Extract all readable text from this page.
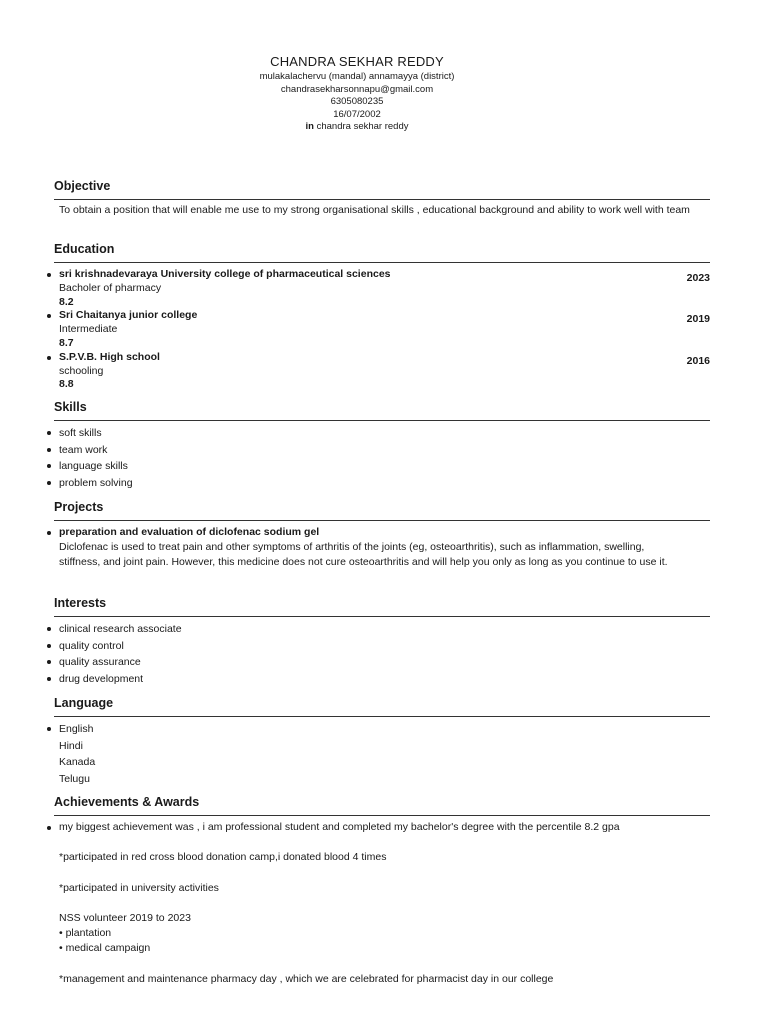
CHANDRA SEKHAR REDDY
mulakalachervu (mandal) annamayya (district)
chandrasekharsonnapu@gmail.com
6305080235
16/07/2002
in chandra sekhar reddy
Objective
To obtain a position that will enable me use to my strong organisational skills , educational background and ability to work well with team
Education
sri krishnadevaraya University college of pharmaceutical sciences
Bacholer of pharmacy
8.2
2023
Sri Chaitanya junior college
Intermediate
8.7
2019
S.P.V.B. High school
schooling
8.8
2016
Skills
soft skills
team work
language skills
problem solving
Projects
preparation and evaluation of diclofenac sodium gel
Diclofenac is used to treat pain and other symptoms of arthritis of the joints (eg, osteoarthritis), such as inflammation, swelling, stiffness, and joint pain. However, this medicine does not cure osteoarthritis and will help you only as long as you continue to use it.
Interests
clinical research associate
quality control
quality assurance
drug development
Language
English
Hindi
Kanada
Telugu
Achievements & Awards
my biggest achievement was , i am professional student and completed my bachelor's degree with the percentile 8.2 gpa
*participated in red cross blood donation camp,i donated blood 4 times
*participated in university activities
NSS volunteer 2019 to 2023
• plantation
• medical campaign
*management and maintenance pharmacy day , which we are celebrated for pharmacist day in our college
